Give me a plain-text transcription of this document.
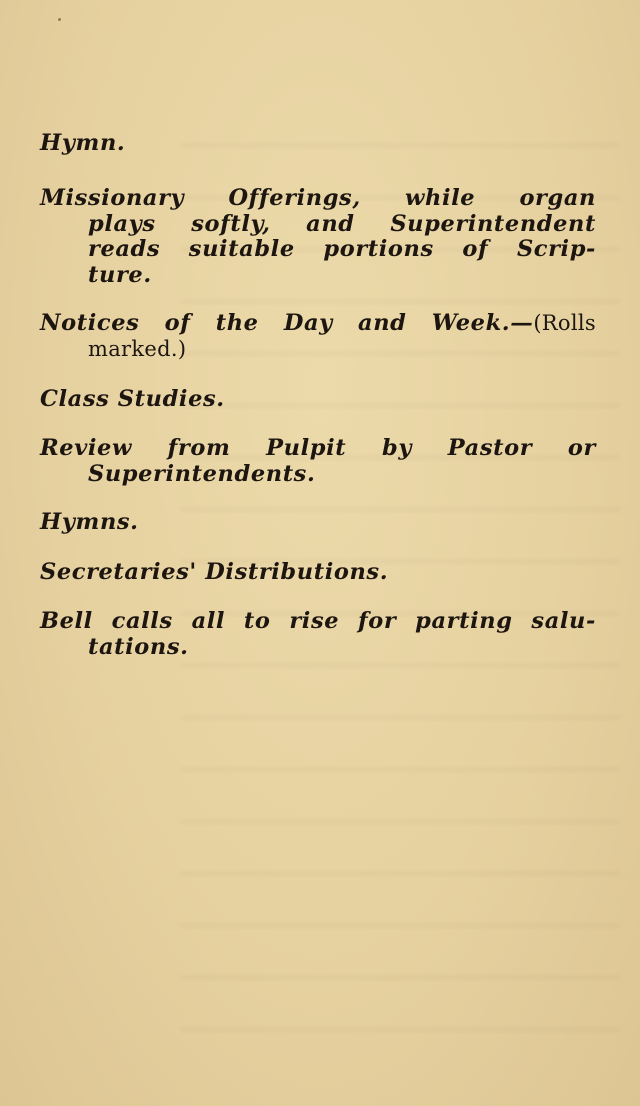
Hymn.
Missionary Offerings, while organ
plays softly, and Superintendent
reads suitable portions of Scrip-
ture.
Notices of the Day and Week.—(Rolls
marked.)
Class Studies.
Review from Pulpit by Pastor or
Superintendents.
Hymns.
Secretaries' Distributions.
Bell calls all to rise for parting salu-
tations.
